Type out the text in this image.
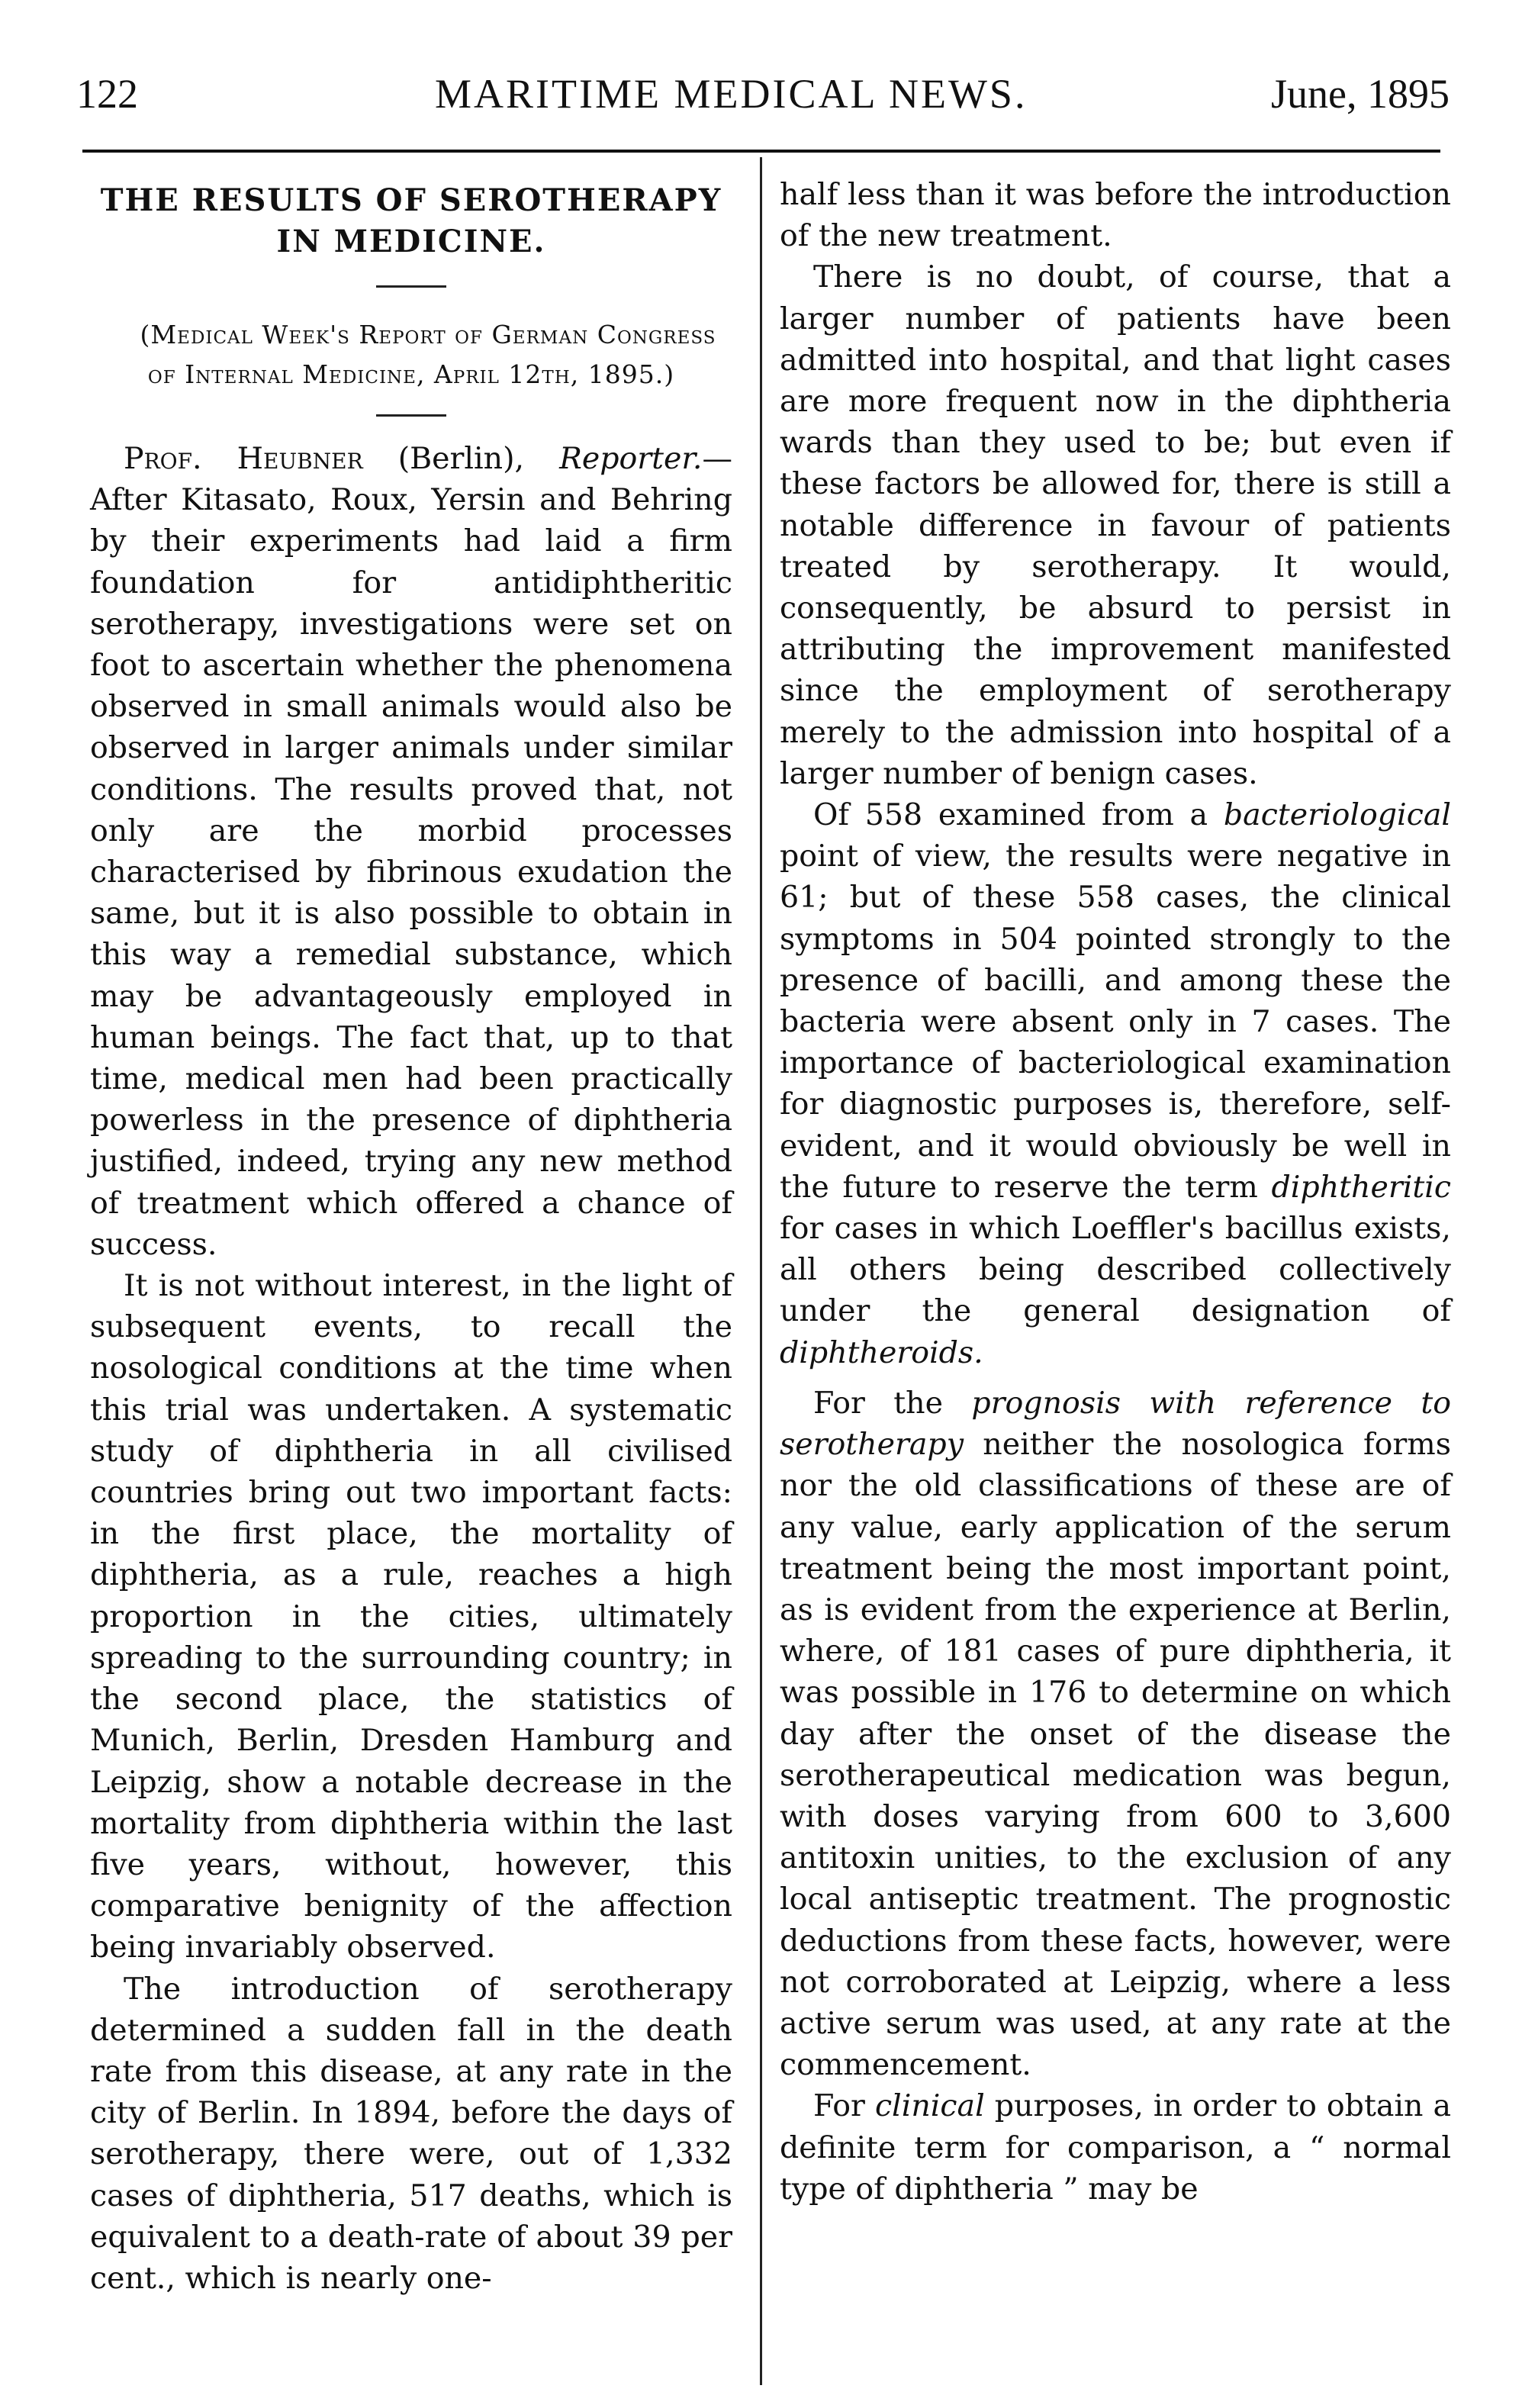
122	MARITIME MEDICAL NEWS.	June, 1895
THE RESULTS OF SEROTHERAPY IN MEDICINE.

(Medical Week's Report of German Congress of Internal Medicine, April 12th, 1895.)

Prof. Heubner (Berlin), Reporter.— After Kitasato, Roux, Yersin and Behring by their experiments had laid a firm foundation for antidiphtheritic serotherapy, investigations were set on foot to ascertain whether the phenomena observed in small animals would also be observed in larger animals under similar conditions. The results proved that, not only are the morbid processes characterised by fibrinous exudation the same, but it is also possible to obtain in this way a remedial substance, which may be advantageously employed in human beings. The fact that, up to that time, medical men had been practically powerless in the presence of diphtheria justified, indeed, trying any new method of treatment which offered a chance of success.

It is not without interest, in the light of subsequent events, to recall the nosological conditions at the time when this trial was undertaken. A systematic study of diphtheria in all civilised countries bring out two important facts: in the first place, the mortality of diphtheria, as a rule, reaches a high proportion in the cities, ultimately spreading to the surrounding country; in the second place, the statistics of Munich, Berlin, Dresden Hamburg and Leipzig, show a notable decrease in the mortality from diphtheria within the last five years, without, however, this comparative benignity of the affection being invariably observed.

The introduction of serotherapy determined a sudden fall in the death rate from this disease, at any rate in the city of Berlin. In 1894, before the days of serotherapy, there were, out of 1,332 cases of diphtheria, 517 deaths, which is equivalent to a death-rate of about 39 per cent., which is nearly one-

half less than it was before the introduction of the new treatment.

There is no doubt, of course, that a larger number of patients have been admitted into hospital, and that light cases are more frequent now in the diphtheria wards than they used to be; but even if these factors be allowed for, there is still a notable difference in favour of patients treated by serotherapy. It would, consequently, be absurd to persist in attributing the improvement manifested since the employment of serotherapy merely to the admission into hospital of a larger number of benign cases.

Of 558 examined from a bacteriological point of view, the results were negative in 61; but of these 558 cases, the clinical symptoms in 504 pointed strongly to the presence of bacilli, and among these the bacteria were absent only in 7 cases. The importance of bacteriological examination for diagnostic purposes is, therefore, self-evident, and it would obviously be well in the future to reserve the term diphtheritic for cases in which Loeffler's bacillus exists, all others being described collectively under the general designation of diphtheroids.

For the prognosis with reference to serotherapy neither the nosologica forms nor the old classifications of these are of any value, early application of the serum treatment being the most important point, as is evident from the experience at Berlin, where, of 181 cases of pure diphtheria, it was possible in 176 to determine on which day after the onset of the disease the serotherapeutical medication was begun, with doses varying from 600 to 3,600 antitoxin unities, to the exclusion of any local antiseptic treatment. The prognostic deductions from these facts, however, were not corroborated at Leipzig, where a less active serum was used, at any rate at the commencement.

For clinical purposes, in order to obtain a definite term for comparison, a “ normal type of diphtheria ” may be
